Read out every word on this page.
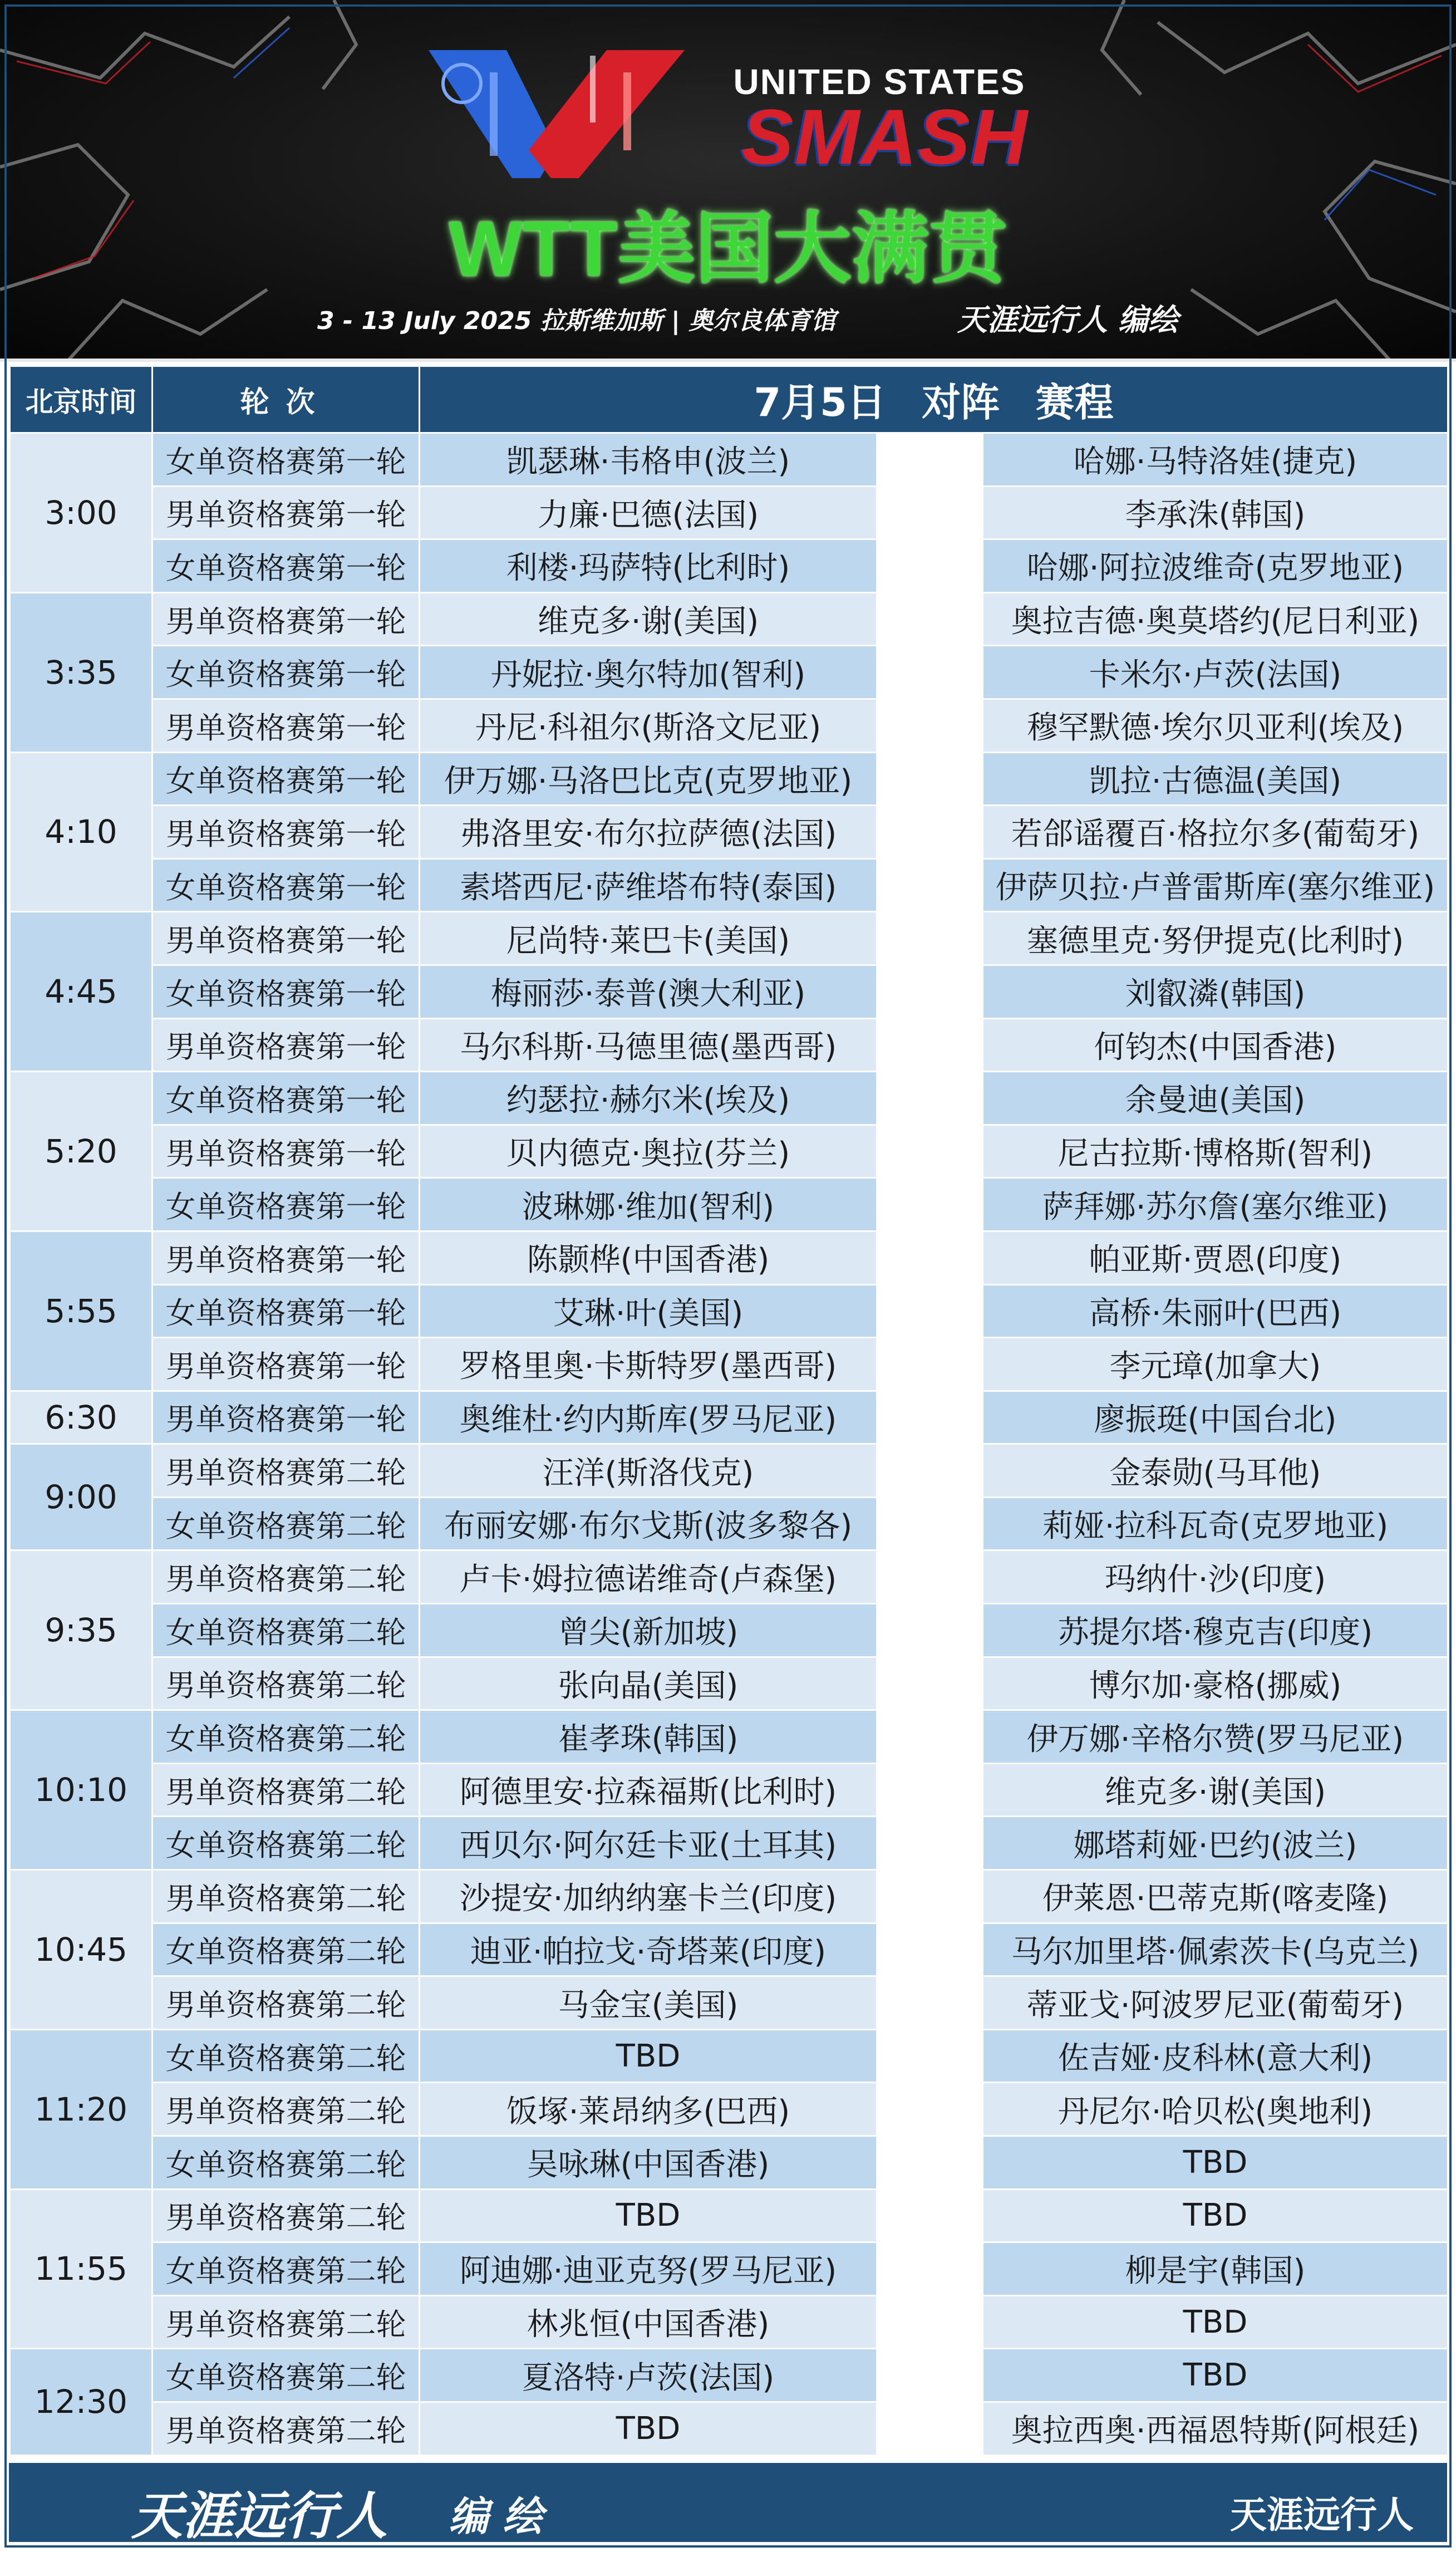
UNITED STATES
SMASH
WTT美国大满贯
3 - 13 July 2025 拉斯维加斯 | 奥尔良体育馆	天涯远行人 编绘
北京时间	轮次	7月5日 对阵 赛程		
3:00	女单资格赛第一轮	凯瑟琳·韦格申(波兰)		哈娜·马特洛娃(捷克)
	男单资格赛第一轮	力廉·巴德(法国)		李承洙(韩国)
	女单资格赛第一轮	利楼·玛萨特(比利时)		哈娜·阿拉波维奇(克罗地亚)
3:35	男单资格赛第一轮	维克多·谢(美国)		奥拉吉德·奥莫塔约(尼日利亚)
	女单资格赛第一轮	丹妮拉·奥尔特加(智利)		卡米尔·卢茨(法国)
	男单资格赛第一轮	丹尼·科祖尔(斯洛文尼亚)		穆罕默德·埃尔贝亚利(埃及)
4:10	女单资格赛第一轮	伊万娜·马洛巴比克(克罗地亚)		凯拉·古德温(美国)
	男单资格赛第一轮	弗洛里安·布尔拉萨德(法国)		若郃谣覆百·格拉尔多(葡萄牙)
	女单资格赛第一轮	素塔西尼·萨维塔布特(泰国)		伊萨贝拉·卢普雷斯库(塞尔维亚)
4:45	男单资格赛第一轮	尼尚特·莱巴卡(美国)		塞德里克·努伊提克(比利时)
	女单资格赛第一轮	梅丽莎·泰普(澳大利亚)		刘叡潾(韩国)
	男单资格赛第一轮	马尔科斯·马德里德(墨西哥)		何钧杰(中国香港)
5:20	女单资格赛第一轮	约瑟拉·赫尔米(埃及)		余曼迪(美国)
	男单资格赛第一轮	贝内德克·奥拉(芬兰)		尼古拉斯·博格斯(智利)
	女单资格赛第一轮	波琳娜·维加(智利)		萨拜娜·苏尔詹(塞尔维亚)
5:55	男单资格赛第一轮	陈颢桦(中国香港)		帕亚斯·贾恩(印度)
	女单资格赛第一轮	艾琳·叶(美国)		高桥·朱丽叶(巴西)
	男单资格赛第一轮	罗格里奥·卡斯特罗(墨西哥)		李元璋(加拿大)
6:30	男单资格赛第一轮	奥维杜·约内斯库(罗马尼亚)		廖振珽(中国台北)
9:00	男单资格赛第二轮	汪洋(斯洛伐克)		金泰勋(马耳他)
	女单资格赛第二轮	布丽安娜·布尔戈斯(波多黎各)		莉娅·拉科瓦奇(克罗地亚)
9:35	男单资格赛第二轮	卢卡·姆拉德诺维奇(卢森堡)		玛纳什·沙(印度)
	女单资格赛第二轮	曾尖(新加坡)		苏提尔塔·穆克吉(印度)
	男单资格赛第二轮	张向晶(美国)		博尔加·豪格(挪威)
10:10	女单资格赛第二轮	崔孝珠(韩国)		伊万娜·辛格尔赞(罗马尼亚)
	男单资格赛第二轮	阿德里安·拉森福斯(比利时)		维克多·谢(美国)
	女单资格赛第二轮	西贝尔·阿尔廷卡亚(土耳其)		娜塔莉娅·巴约(波兰)
10:45	男单资格赛第二轮	沙提安·加纳纳塞卡兰(印度)		伊莱恩·巴蒂克斯(喀麦隆)
	女单资格赛第二轮	迪亚·帕拉戈·奇塔莱(印度)		马尔加里塔·佩索茨卡(乌克兰)
	男单资格赛第二轮	马金宝(美国)		蒂亚戈·阿波罗尼亚(葡萄牙)
11:20	女单资格赛第二轮	TBD		佐吉娅·皮科林(意大利)
	男单资格赛第二轮	饭塚·莱昂纳多(巴西)		丹尼尔·哈贝松(奥地利)
	女单资格赛第二轮	吴咏琳(中国香港)		TBD
11:55	男单资格赛第二轮	TBD		TBD
	女单资格赛第二轮	阿迪娜·迪亚克努(罗马尼亚)		柳是宇(韩国)
	男单资格赛第二轮	林兆恒(中国香港)		TBD
12:30	女单资格赛第二轮	夏洛特·卢茨(法国)		TBD
	男单资格赛第二轮	TBD		奥拉西奥·西福恩特斯(阿根廷)
天涯远行人 编 绘	天涯远行人
